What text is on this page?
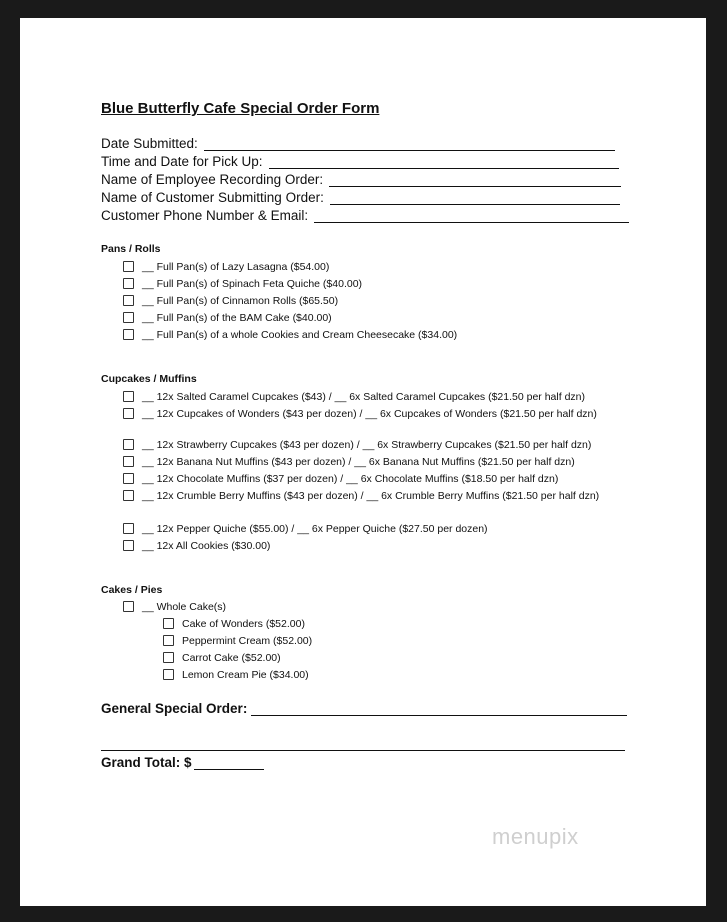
Blue Butterfly Cafe Special Order Form
Date Submitted:
Time and Date for Pick Up:
Name of Employee Recording Order:
Name of Customer Submitting Order:
Customer Phone Number & Email:
Pans / Rolls
__ Full Pan(s) of Lazy Lasagna ($54.00)
__ Full Pan(s) of Spinach Feta Quiche ($40.00)
__ Full Pan(s) of Cinnamon Rolls ($65.50)
__ Full Pan(s) of the BAM Cake ($40.00)
__ Full Pan(s) of a whole Cookies and Cream Cheesecake ($34.00)
Cupcakes / Muffins
__ 12x Salted Caramel Cupcakes ($43) / __ 6x Salted Caramel Cupcakes ($21.50 per half dzn)
__ 12x Cupcakes of Wonders ($43 per dozen) / __ 6x Cupcakes of Wonders ($21.50 per half dzn)
__ 12x Strawberry Cupcakes ($43 per dozen) / __ 6x Strawberry Cupcakes ($21.50 per half dzn)
__ 12x Banana Nut Muffins ($43 per dozen) / __ 6x Banana Nut Muffins ($21.50 per half dzn)
__ 12x Chocolate Muffins ($37 per dozen) / __ 6x Chocolate Muffins ($18.50 per half dzn)
__ 12x Crumble Berry Muffins ($43 per dozen) / __ 6x Crumble Berry Muffins ($21.50 per half dzn)
__ 12x Pepper Quiche ($55.00) / __ 6x Pepper Quiche ($27.50 per dozen)
__ 12x All Cookies ($30.00)
Cakes / Pies
__ Whole Cake(s)
Cake of Wonders ($52.00)
Peppermint Cream ($52.00)
Carrot Cake ($52.00)
Lemon Cream Pie ($34.00)
General Special Order:
Grand Total: $
menupix
